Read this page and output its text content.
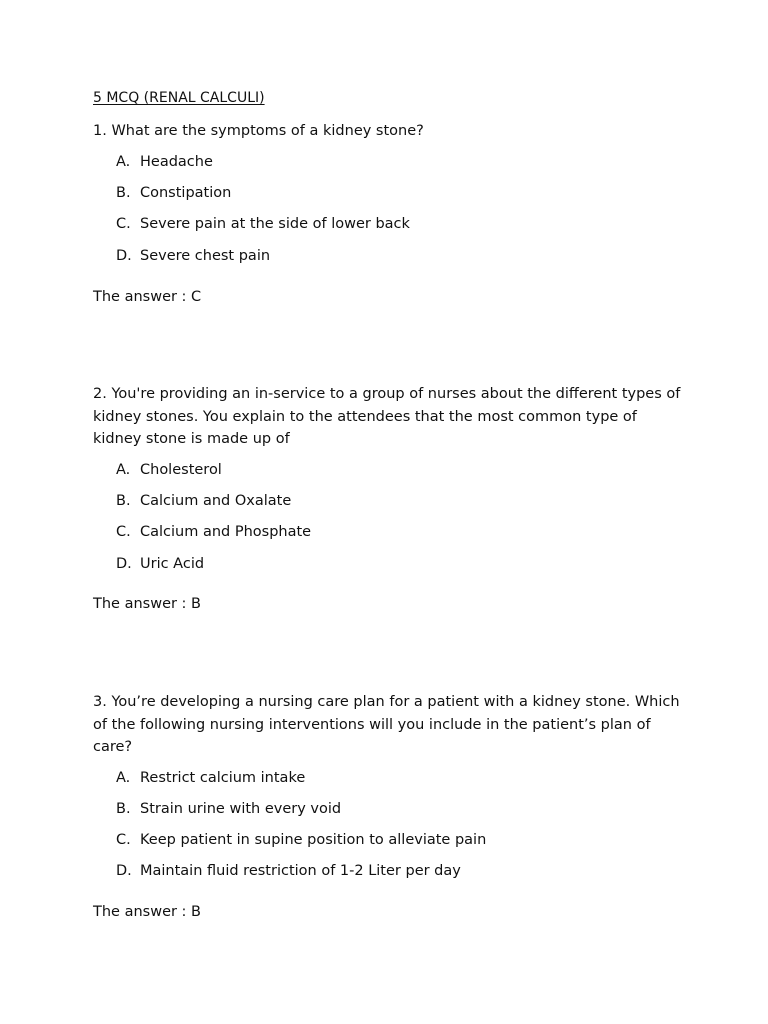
5 MCQ (RENAL CALCULI)

1. What are the symptoms of a kidney stone?

A. Headache
B. Constipation
C. Severe pain at the side of lower back
D. Severe chest pain
The answer : C

2. You're providing an in-service to a group of nurses about the different types of kidney stones. You explain to the attendees that the most common type of kidney stone is made up of

A. Cholesterol
B. Calcium and Oxalate
C. Calcium and Phosphate
D. Uric Acid
The answer : B

3. You’re developing a nursing care plan for a patient with a kidney stone. Which of the following nursing interventions will you include in the patient’s plan of care?

A. Restrict calcium intake
B. Strain urine with every void
C. Keep patient in supine position to alleviate pain
D. Maintain fluid restriction of 1-2 Liter per day
The answer : B
